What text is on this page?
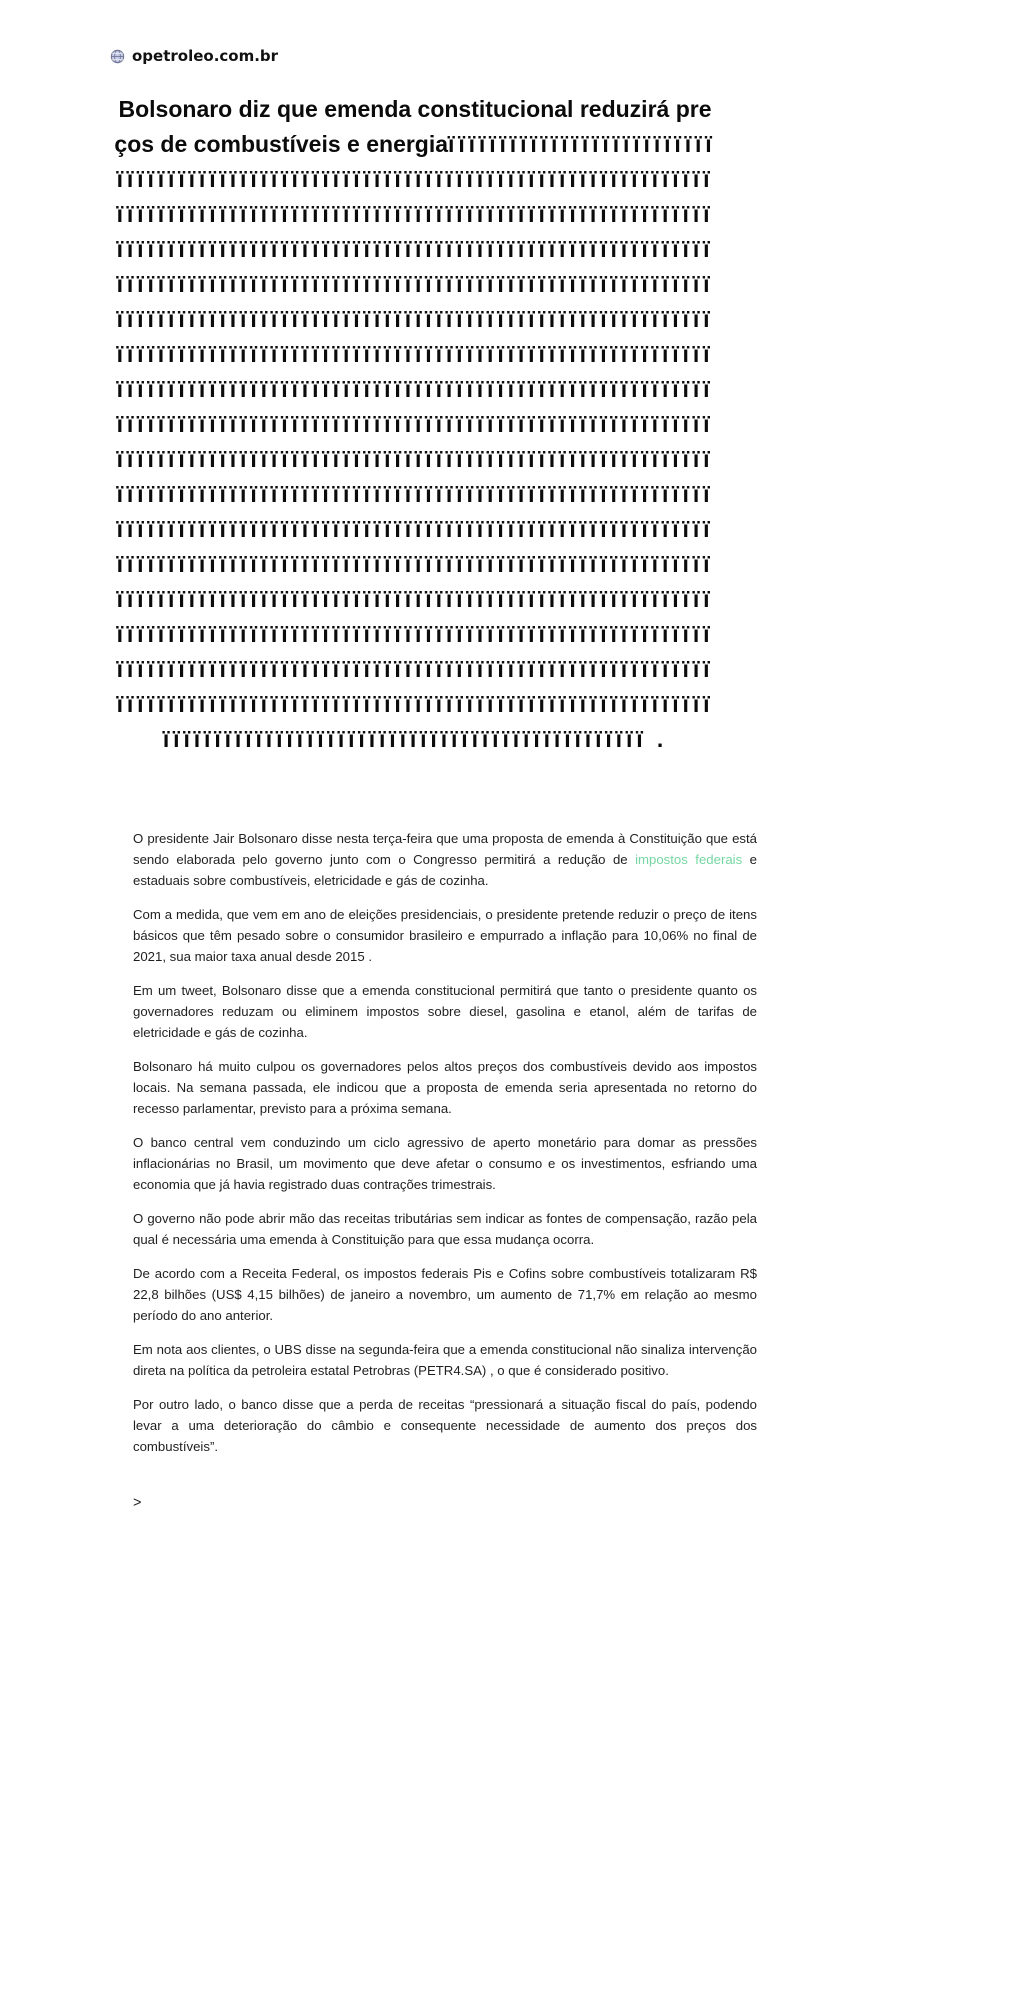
opetroleo.com.br
Bolsonaro diz que emenda constitucional reduzirá preços de combustíveis e energiaïïïïïïïïïïïïïïïïïïïïïïïïïïïïïïïïïïïïïïïïïïïïïïïïïïïïïïïïïïïïïïïïïïïïïïïïïïïïïïïïïïïïïïïïïïïïïïïïïïïïïïïïïïïïïïïïïïïïïïïïïïïïïïïïïïïïïïïïïïïïïïïïïïïïïïïïïïïïïïïïïïïïïïïïïïïïïïïïïïïïïïïïïïïïïïïïïïïïïïïïïïïïïïïïïïïïïïïïïïïïïïïïïïïïïïïïïïïïïïïïïïïïïïïïïïïïïïïïïïïïïïïïïïïïïïïïïïïïïïïïïïïïïïïïïïïïïïïïïïïïïïïïïïïïïïïïïïïïïïïïïïïïïïïïïïïïïïïïïïïïïïïïïïïïïïïïïïïïïïïïïïïïïïïïïïïïïïïïïïïïïïïïïïïïïïïïïïïïïïïïïïïïïïïïïïïïïïïïïïïïïïïïïïïïïïïïïïïïïïïïïïïïïïïïïïïïïïïïïïïïïïïïïïïïïïïïïïïïïïïïïïïïïïïïïïïïïïïïïïïïïïïïïïïïïïïïïïïïïïïïïïïïïïïïïïïïïïïïïïïïïïïïïïïïïïïïïïïïïïïïïïïïïïïïïïïïïïïïïïïïïïïïïïïïïïïïïïïïïïïïïïïïïïïïïïïïïïïïïïïïïïïïïïïïïïïïïïïïïïïïïïïïïïïïïïïïïïïïïïïïïïïïïïïïïïïïïïïïïïïïïïïïïïïïïïïïïïïïïïïïïïïïïïïïïïïïïïïïïïïïïïïïïïïïïïïïïïïïïïïïïïïïïïïïïïïïïïïïïïïïïïïïïïïïïïïïïïïïïïïïïïïïïïïïïïïïïïïïïïïïïïïïïïïïïïïïïïïïïïïïïïïïïïïïïïïïïïïïïïïïïïïïïïïïïïïïïïïïïïïïïïïïïïïïïïïïïïïïïïïïïïïïïïïïïïïïïïïïïïïïïïïïïïïïïïïïïïïïïïïïïïïïïïïïïïïïïïïïïïïïïïïïïïïïïïïïïïïïïïïïïïïïïïïïïïïïïïïïïïïïïïïïïïïïïïïïïïïïïïïïï .

O presidente Jair Bolsonaro disse nesta terça-feira que uma proposta de emenda à Constituição que está sendo elaborada pelo governo junto com o Congresso permitirá a redução de impostos federais e estaduais sobre combustíveis, eletricidade e gás de cozinha.

Com a medida, que vem em ano de eleições presidenciais, o presidente pretende reduzir o preço de itens básicos que têm pesado sobre o consumidor brasileiro e empurrado a inflação para 10,06% no final de 2021, sua maior taxa anual desde 2015 .

Em um tweet, Bolsonaro disse que a emenda constitucional permitirá que tanto o presidente quanto os governadores reduzam ou eliminem impostos sobre diesel, gasolina e etanol, além de tarifas de eletricidade e gás de cozinha.

Bolsonaro há muito culpou os governadores pelos altos preços dos combustíveis devido aos impostos locais. Na semana passada, ele indicou que a proposta de emenda seria apresentada no retorno do recesso parlamentar, previsto para a próxima semana.

O banco central vem conduzindo um ciclo agressivo de aperto monetário para domar as pressões inflacionárias no Brasil, um movimento que deve afetar o consumo e os investimentos, esfriando uma economia que já havia registrado duas contrações trimestrais.

O governo não pode abrir mão das receitas tributárias sem indicar as fontes de compensação, razão pela qual é necessária uma emenda à Constituição para que essa mudança ocorra.

De acordo com a Receita Federal, os impostos federais Pis e Cofins sobre combustíveis totalizaram R$ 22,8 bilhões (US$ 4,15 bilhões) de janeiro a novembro, um aumento de 71,7% em relação ao mesmo período do ano anterior.

Em nota aos clientes, o UBS disse na segunda-feira que a emenda constitucional não sinaliza intervenção direta na política da petroleira estatal Petrobras (PETR4.SA) , o que é considerado positivo.

Por outro lado, o banco disse que a perda de receitas “pressionará a situação fiscal do país, podendo levar a uma deterioração do câmbio e consequente necessidade de aumento dos preços dos combustíveis”.

>
